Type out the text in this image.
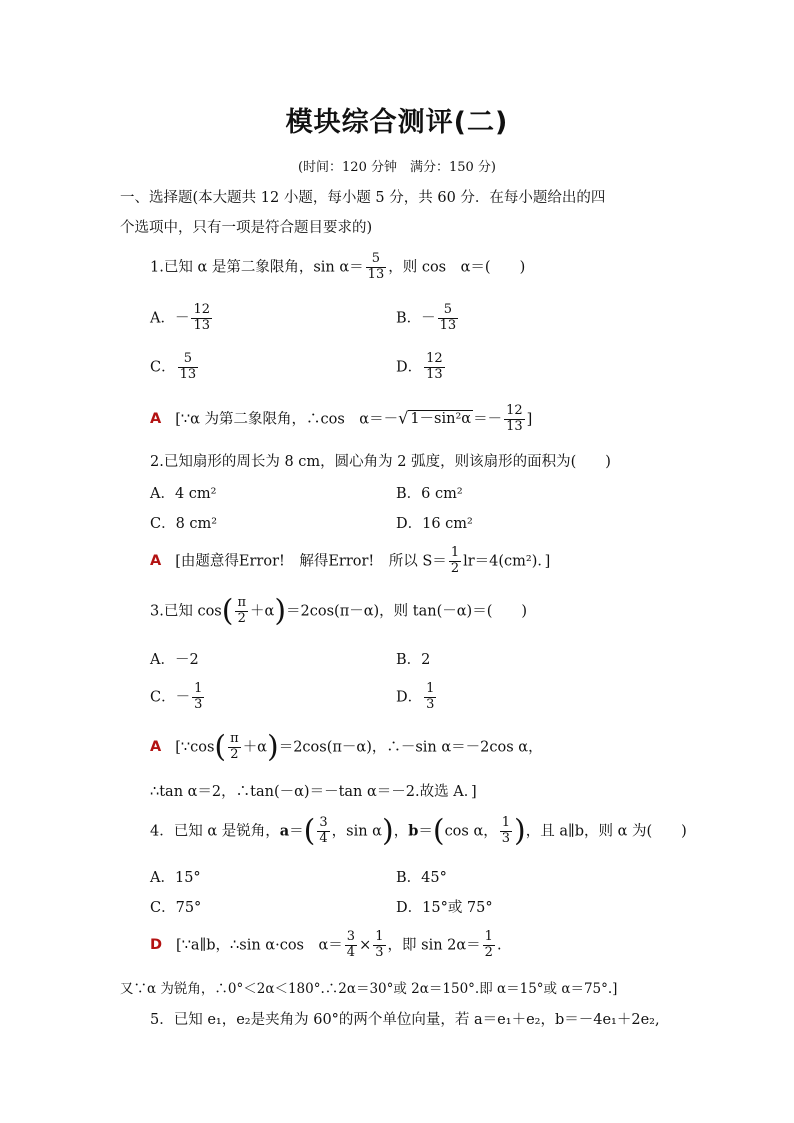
模块综合测评(二)
(时间：120 分钟　满分：150 分)
一、选择题(本大题共 12 小题，每小题 5 分，共 60 分．在每小题给出的四
个选项中，只有一项是符合题目要求的)
1.已知 α 是第二象限角，$\sin \alpha= \frac{5}{13}$ ，则 cos　α＝(　　)
A．－ $\frac{12}{13}$	B．－ $\frac{5}{13}$
C． $\frac{5}{13}$	D． $\frac{12}{13}$
A [∵α 为第二象限角，∴cos　α＝－√ $1-\sin^2\alpha =- \frac{12}{13}$ ]
2.已知扇形的周长为 8 cm，圆心角为 2 弧度，则该扇形的面积为(　　)
A．4 cm²	B．6 cm²
C．8 cm²	D．16 cm²
A [由题意得Error!　解得Error!　所以 $S= \frac{1}{2} lr=4(cm^2)$．]
3.已知 $\cos( \frac{\pi}{2} +\alpha)=2\cos(\pi-\alpha)$，则 tan(－α)＝(　　)
A．－2	B．2
C．－ $\frac{1}{3}$	D． $\frac{1}{3}$
A [∵cos( $\frac{\pi}{2} +\alpha)=2\cos(\pi-\alpha)$，∴－sin α＝－2cos α，
∴tan α＝2，∴tan(－α)＝－tan α＝－2.故选 A．]
4．已知 α 是锐角，$a=( \frac{3}{4}$ ，sin α)，b＝(cos α， $\frac{1}{3}$ )，且 a∥b，则 α 为(　　)
A．15°	B．45°
C．75°	D．15°或 75°
D [∵a∥b，∴sin α·cos　$\alpha= \frac{3}{4} \times \frac{1}{3}$ ，即 $\sin 2\alpha= \frac{1}{2}$ .
又∵α 为锐角，∴0°＜2α＜180°.∴2α＝30°或 2α＝150°.即 α＝15°或 α＝75°.]
5．已知 e₁，e₂是夹角为 60°的两个单位向量，若 a＝e₁＋e₂，b＝－4e₁＋2e₂,
